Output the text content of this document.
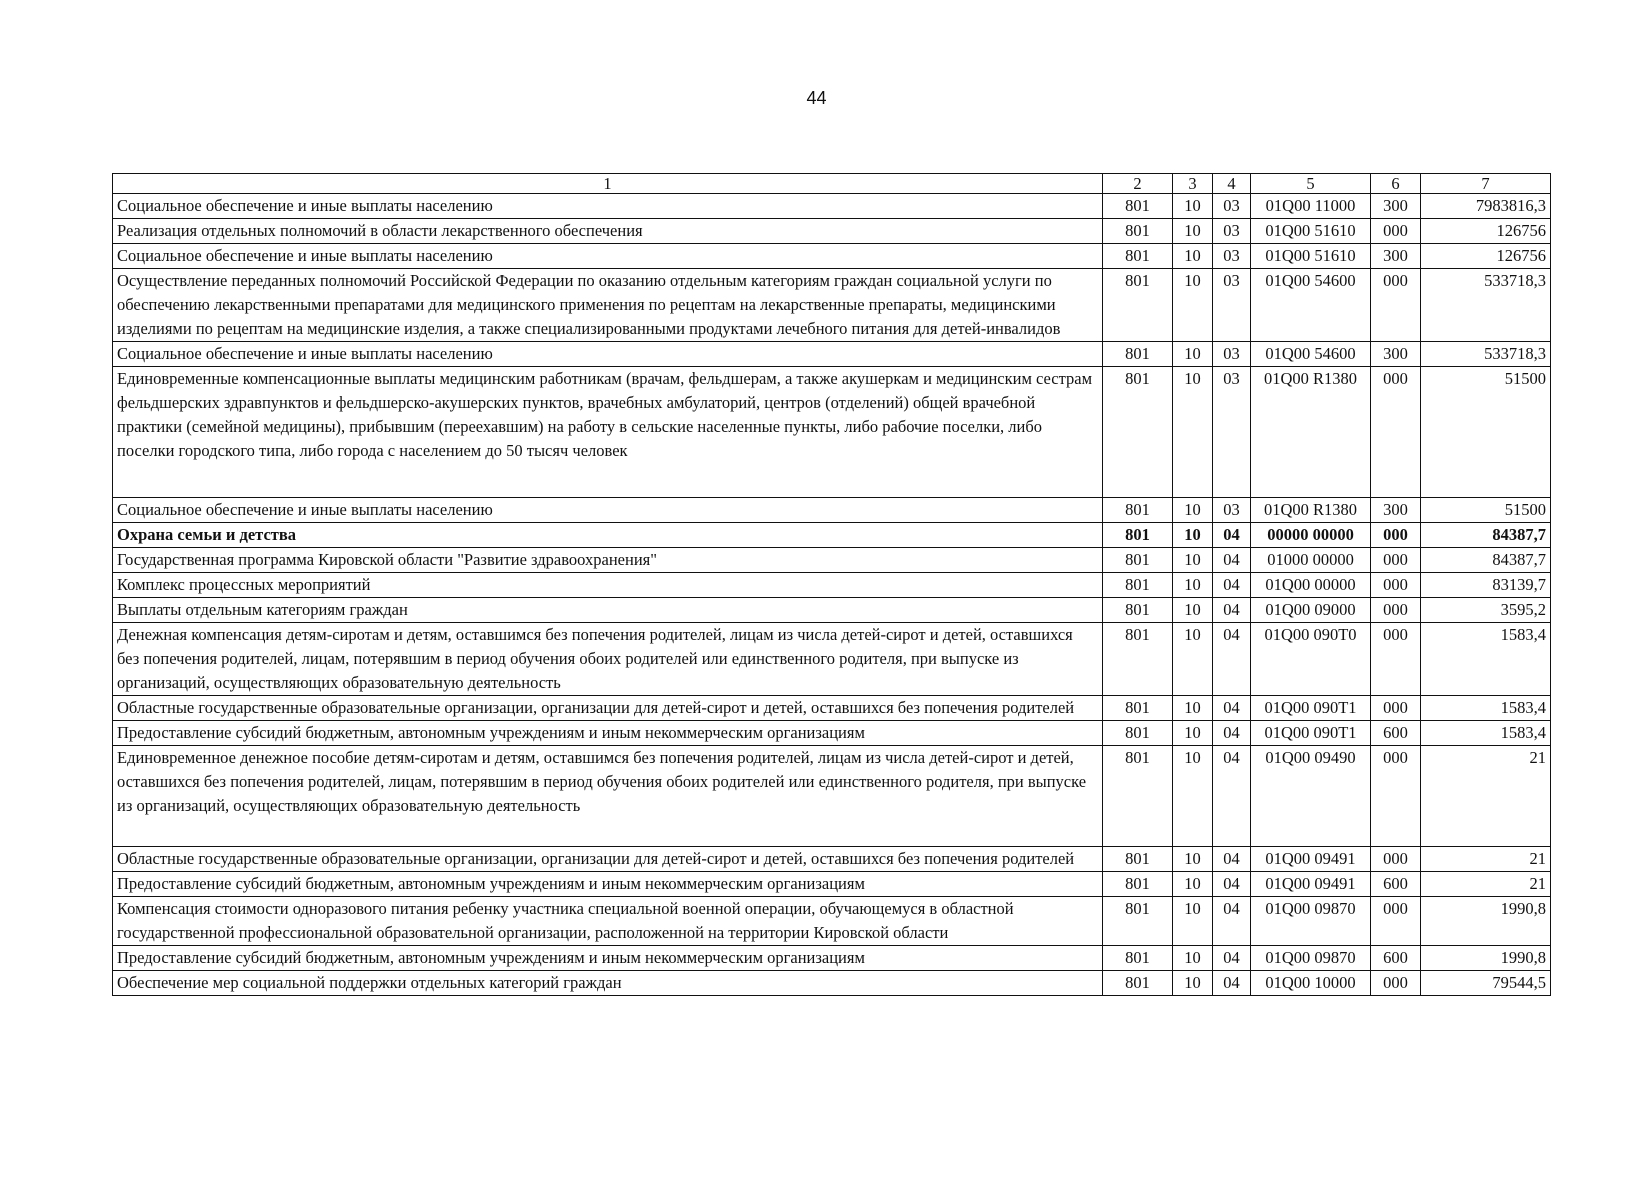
44
1	2	3	4	5	6	7
Социальное обеспечение и иные выплаты населению	801	10	03	01Q00 11000	300	7983816,3
Реализация отдельных полномочий в области лекарственного обеспечения	801	10	03	01Q00 51610	000	126756
Социальное обеспечение и иные выплаты населению	801	10	03	01Q00 51610	300	126756
Осуществление переданных полномочий Российской Федерации по оказанию отдельным категориям граждан социальной услуги по обеспечению лекарственными препаратами для медицинского применения по рецептам на лекарственные препараты, медицинскими изделиями по рецептам на медицинские изделия, а также специализированными продуктами лечебного питания для детей-инвалидов	801	10	03	01Q00 54600	000	533718,3
Социальное обеспечение и иные выплаты населению	801	10	03	01Q00 54600	300	533718,3
Единовременные компенсационные выплаты медицинским работникам (врачам, фельдшерам, а также акушеркам и медицинским сестрам фельдшерских здравпунктов и фельдшерско-акушерских пунктов, врачебных амбулаторий, центров (отделений) общей врачебной практики (семейной медицины), прибывшим (переехавшим) на работу в сельские населенные пункты, либо рабочие поселки, либо поселки городского типа, либо города с населением до 50 тысяч человек	801	10	03	01Q00 R1380	000	51500
Социальное обеспечение и иные выплаты населению	801	10	03	01Q00 R1380	300	51500
Охрана семьи и детства	801	10	04	00000 00000	000	84387,7
Государственная программа Кировской области "Развитие здравоохранения"	801	10	04	01000 00000	000	84387,7
Комплекс процессных мероприятий	801	10	04	01Q00 00000	000	83139,7
Выплаты отдельным категориям граждан	801	10	04	01Q00 09000	000	3595,2
Денежная компенсация детям-сиротам и детям, оставшимся без попечения родителей, лицам из числа детей-сирот и детей, оставшихся без попечения родителей, лицам, потерявшим в период обучения обоих родителей или единственного родителя, при выпуске из организаций, осуществляющих образовательную деятельность	801	10	04	01Q00 090T0	000	1583,4
Областные государственные образовательные организации, организации для детей-сирот и детей, оставшихся без попечения родителей	801	10	04	01Q00 090T1	000	1583,4
Предоставление субсидий бюджетным, автономным учреждениям и иным некоммерческим организациям	801	10	04	01Q00 090T1	600	1583,4
Единовременное денежное пособие детям-сиротам и детям, оставшимся без попечения родителей, лицам из числа детей-сирот и детей, оставшихся без попечения родителей, лицам, потерявшим в период обучения обоих родителей или единственного родителя, при выпуске из организаций, осуществляющих образовательную деятельность	801	10	04	01Q00 09490	000	21
Областные государственные образовательные организации, организации для детей-сирот и детей, оставшихся без попечения родителей	801	10	04	01Q00 09491	000	21
Предоставление субсидий бюджетным, автономным учреждениям и иным некоммерческим организациям	801	10	04	01Q00 09491	600	21
Компенсация стоимости одноразового питания ребенку участника специальной военной операции, обучающемуся в областной государственной профессиональной образовательной организации, расположенной на территории Кировской области	801	10	04	01Q00 09870	000	1990,8
Предоставление субсидий бюджетным, автономным учреждениям и иным некоммерческим организациям	801	10	04	01Q00 09870	600	1990,8
Обеспечение мер социальной поддержки отдельных категорий граждан	801	10	04	01Q00 10000	000	79544,5
